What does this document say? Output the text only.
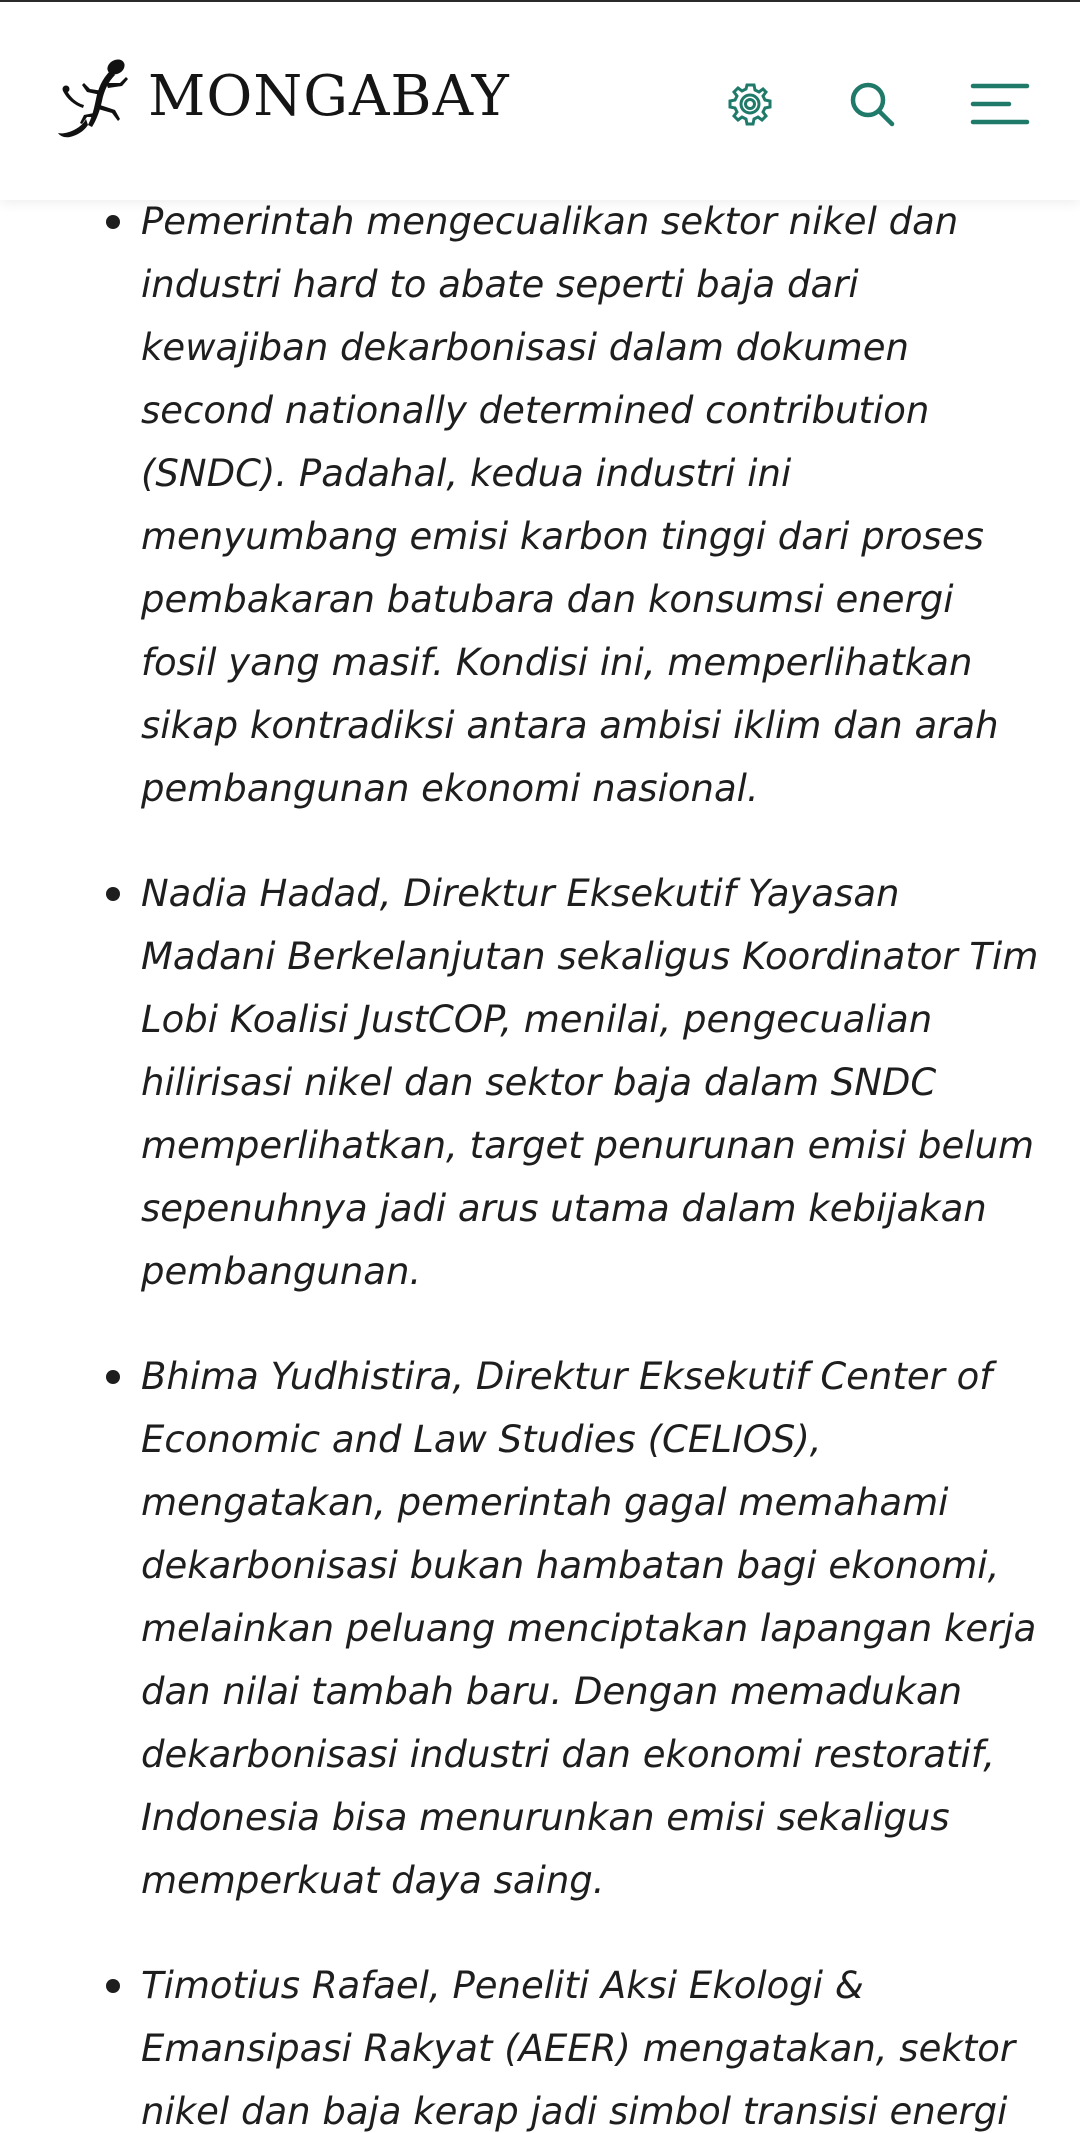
Pemerintah mengecualikan sektor nikel dan industri hard to abate seperti baja dari kewajiban dekarbonisasi dalam dokumen second nationally determined contribution (SNDC). Padahal, kedua industri ini menyumbang emisi karbon tinggi dari proses pembakaran batubara dan konsumsi energi fosil yang masif. Kondisi ini, memperlihatkan sikap kontradiksi antara ambisi iklim dan arah pembangunan ekonomi nasional.
Nadia Hadad, Direktur Eksekutif Yayasan Madani Berkelanjutan sekaligus Koordinator Tim Lobi Koalisi JustCOP, menilai, pengecualian hilirisasi nikel dan sektor baja dalam SNDC memperlihatkan, target penurunan emisi belum sepenuhnya jadi arus utama dalam kebijakan pembangunan.
Bhima Yudhistira, Direktur Eksekutif Center of Economic and Law Studies (CELIOS), mengatakan, pemerintah gagal memahami dekarbonisasi bukan hambatan bagi ekonomi, melainkan peluang menciptakan lapangan kerja dan nilai tambah baru. Dengan memadukan dekarbonisasi industri dan ekonomi restoratif, Indonesia bisa menurunkan emisi sekaligus memperkuat daya saing.
Timotius Rafael, Peneliti Aksi Ekologi & Emansipasi Rakyat (AEER) mengatakan, sektor nikel dan baja kerap jadi simbol transisi energi
MONGABAY
